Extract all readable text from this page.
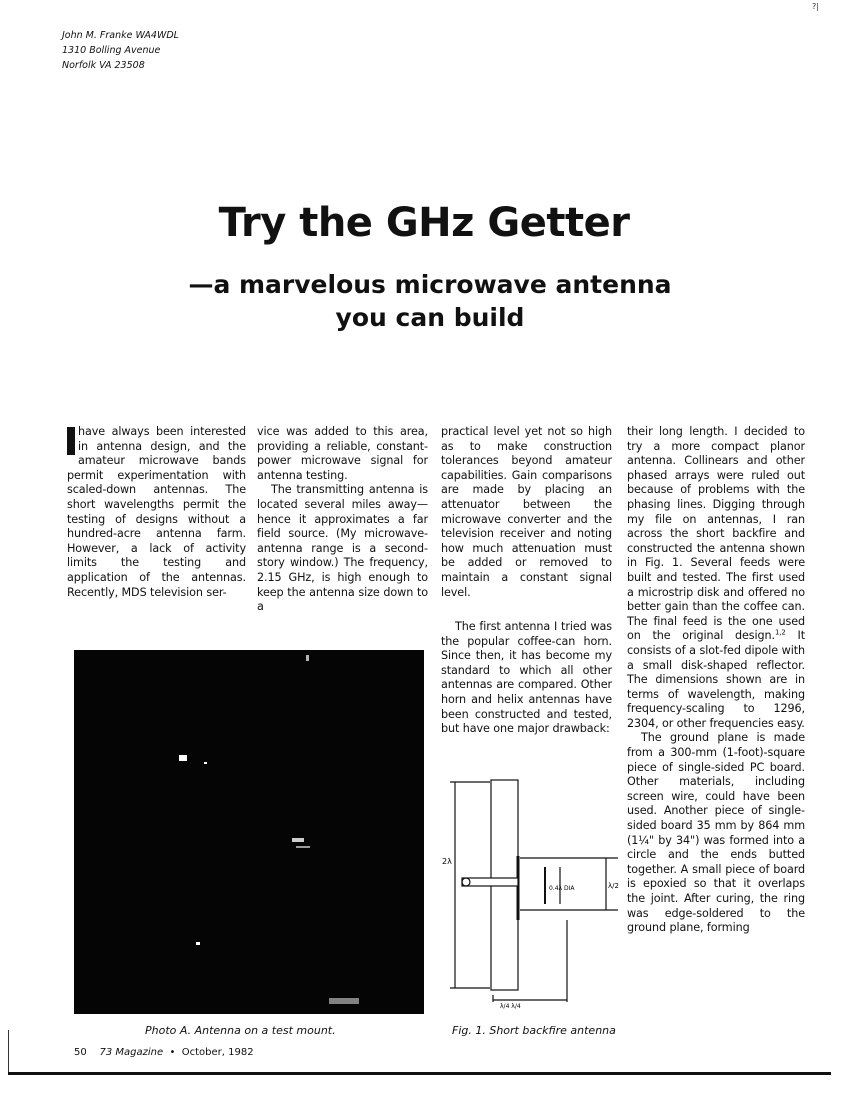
?|
John M. Franke WA4WDL
1310 Bolling Avenue
Norfolk VA 23508
Try the GHz Getter
—a marvelous microwave antenna
you can build

have always been interested in antenna design, and the amateur microwave bands permit experimentation with scaled-down antennas. The short wavelengths permit the testing of designs without a hundred-acre antenna farm. However, a lack of activity limits the testing and application of the antennas. Recently, MDS television ser-

vice was added to this area, providing a reliable, constant-power microwave signal for antenna testing.

The transmitting antenna is located several miles away—hence it approximates a far field source. (My microwave-antenna range is a second-story window.) The frequency, 2.15 GHz, is high enough to keep the antenna size down to a

practical level yet not so high as to make construction tolerances beyond amateur capabilities. Gain comparisons are made by placing an attenuator between the microwave converter and the television receiver and noting how much attenuation must be added or removed to maintain a constant signal level.

The first antenna I tried was the popular coffee-can horn. Since then, it has become my standard to which all other antennas are compared. Other horn and helix antennas have been constructed and tested, but have one major drawback:

their long length. I decided to try a more compact planor antenna. Collinears and other phased arrays were ruled out because of problems with the phasing lines. Digging through my file on antennas, I ran across the short backfire and constructed the antenna shown in Fig. 1. Several feeds were built and tested. The first used a microstrip disk and offered no better gain than the coffee can. The final feed is the one used on the original design.$^{1,2}$ It consists of a slot-fed dipole with a small disk-shaped reflector. The dimensions shown are in terms of wavelength, making frequency-scaling to 1296, 2304, or other frequencies easy.

The ground plane is made from a 300-mm (1-foot)-square piece of single-sided PC board. Other materials, including screen wire, could have been used. Another piece of single-sided board 35 mm by 864 mm (1¼" by 34") was formed into a circle and the ends butted together. A small piece of board is epoxied so that it overlaps the joint. After curing, the ring was edge-soldered to the ground plane, forming

2λ
0.4λ DIA	λ/2
λ/4 λ/4
Photo A. Antenna on a test mount.	Fig. 1. Short backfire antenna
50 73 Magazine • October, 1982
